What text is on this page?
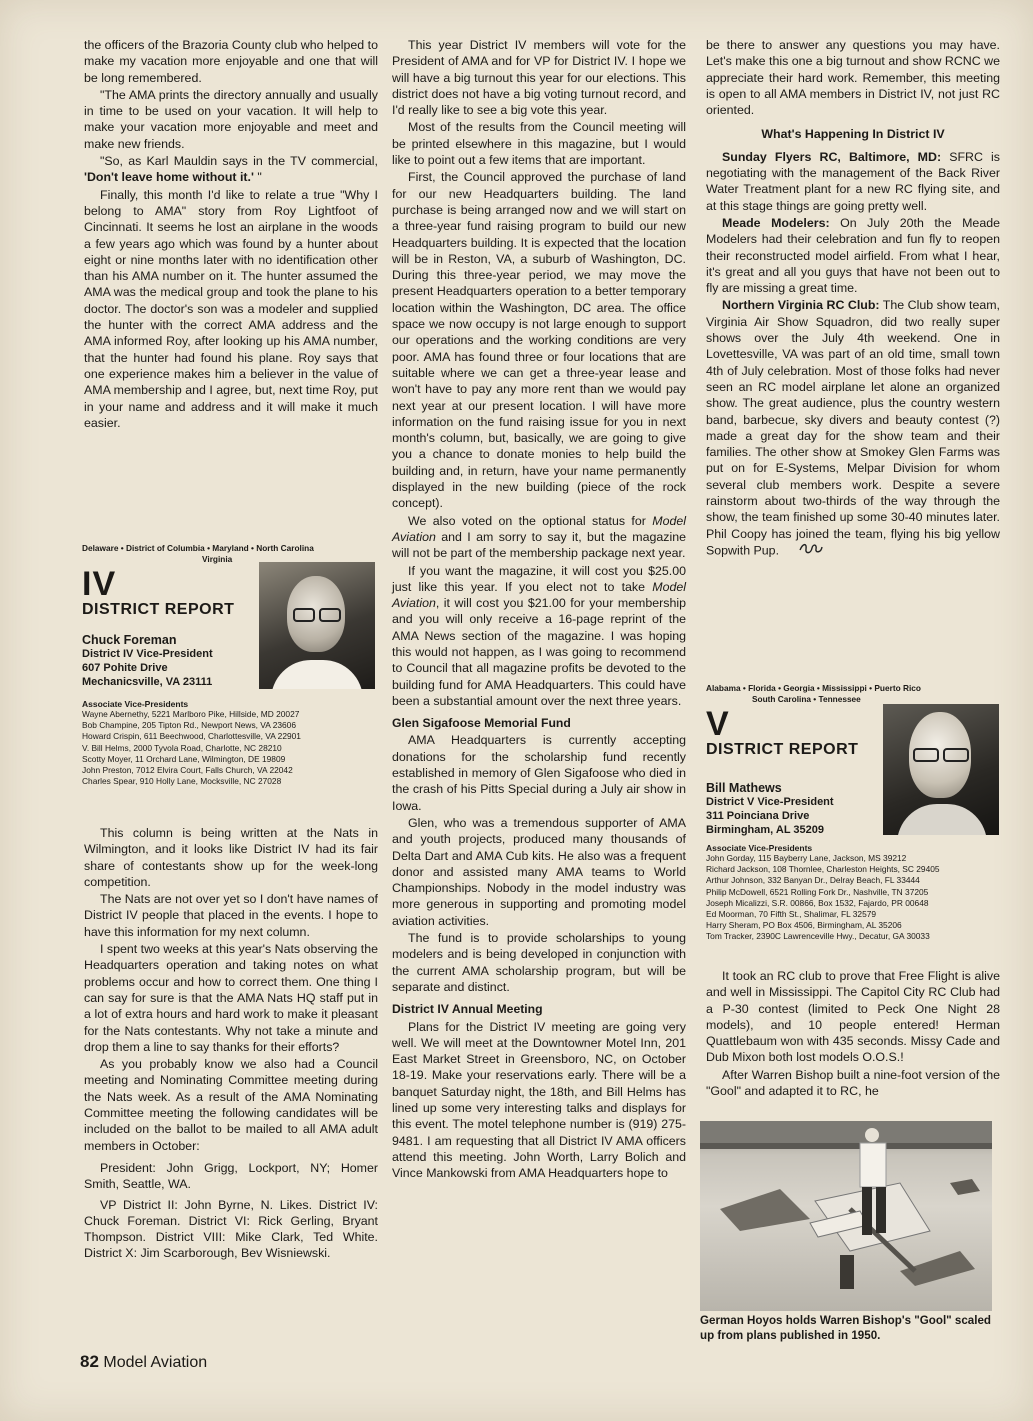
the officers of the Brazoria County club who helped to make my vacation more enjoyable and one that will be long remembered.

"The AMA prints the directory annually and usually in time to be used on your vacation. It will help to make your vacation more enjoyable and meet and make new friends.

"So, as Karl Mauldin says in the TV commercial, 'Don't leave home without it.' "

Finally, this month I'd like to relate a true "Why I belong to AMA" story from Roy Lightfoot of Cincinnati. It seems he lost an airplane in the woods a few years ago which was found by a hunter about eight or nine months later with no identification other than his AMA number on it. The hunter assumed the AMA was the medical group and took the plane to his doctor. The doctor's son was a modeler and supplied the hunter with the correct AMA address and the AMA informed Roy, after looking up his AMA number, that the hunter had found his plane. Roy says that one experience makes him a believer in the value of AMA membership and I agree, but, next time Roy, put in your name and address and it will make it much easier.

This column is being written at the Nats in Wilmington, and it looks like District IV had its fair share of contestants show up for the week-long competition.

The Nats are not over yet so I don't have names of District IV people that placed in the events. I hope to have this information for my next column.

I spent two weeks at this year's Nats observing the Headquarters operation and taking notes on what problems occur and how to correct them. One thing I can say for sure is that the AMA Nats HQ staff put in a lot of extra hours and hard work to make it pleasant for the Nats contestants. Why not take a minute and drop them a line to say thanks for their efforts?

As you probably know we also had a Council meeting and Nominating Committee meeting during the Nats week. As a result of the AMA Nominating Committee meeting the following candidates will be included on the ballot to be mailed to all AMA adult members in October:

President: John Grigg, Lockport, NY; Homer Smith, Seattle, WA.

VP District II: John Byrne, N. Likes. District IV: Chuck Foreman. District VI: Rick Gerling, Bryant Thompson. District VIII: Mike Clark, Ted White. District X: Jim Scarborough, Bev Wisniewski.

Delaware • District of Columbia • Maryland • North Carolina
Virginia
IV
DISTRICT REPORT
Chuck Foreman
District IV Vice-President
607 Pohite Drive
Mechanicsville, VA 23111
Associate Vice-Presidents
Wayne Abernethy, 5221 Marlboro Pike, Hillside, MD 20027
Bob Champine, 205 Tipton Rd., Newport News, VA 23606
Howard Crispin, 611 Beechwood, Charlottesville, VA 22901
V. Bill Helms, 2000 Tyvola Road, Charlotte, NC 28210
Scotty Moyer, 11 Orchard Lane, Wilmington, DE 19809
John Preston, 7012 Elvira Court, Falls Church, VA 22042
Charles Spear, 910 Holly Lane, Mocksville, NC 27028

This year District IV members will vote for the President of AMA and for VP for District IV. I hope we will have a big turnout this year for our elections. This district does not have a big voting turnout record, and I'd really like to see a big vote this year.

Most of the results from the Council meeting will be printed elsewhere in this magazine, but I would like to point out a few items that are important.

First, the Council approved the purchase of land for our new Headquarters building. The land purchase is being arranged now and we will start on a three-year fund raising program to build our new Headquarters building. It is expected that the location will be in Reston, VA, a suburb of Washington, DC. During this three-year period, we may move the present Headquarters operation to a better temporary location within the Washington, DC area. The office space we now occupy is not large enough to support our operations and the working conditions are very poor. AMA has found three or four locations that are suitable where we can get a three-year lease and won't have to pay any more rent than we would pay next year at our present location. I will have more information on the fund raising issue for you in next month's column, but, basically, we are going to give you a chance to donate monies to help build the building and, in return, have your name permanently displayed in the new building (piece of the rock concept).

We also voted on the optional status for Model Aviation and I am sorry to say it, but the magazine will not be part of the membership package next year.

If you want the magazine, it will cost you $25.00 just like this year. If you elect not to take Model Aviation, it will cost you $21.00 for your membership and you will only receive a 16-page reprint of the AMA News section of the magazine. I was hoping this would not happen, as I was going to recommend to Council that all magazine profits be devoted to the building fund for AMA Headquarters. This could have been a substantial amount over the next three years.

Glen Sigafoose Memorial Fund

AMA Headquarters is currently accepting donations for the scholarship fund recently established in memory of Glen Sigafoose who died in the crash of his Pitts Special during a July air show in Iowa.

Glen, who was a tremendous supporter of AMA and youth projects, produced many thousands of Delta Dart and AMA Cub kits. He also was a frequent donor and assisted many AMA teams to World Championships. Nobody in the model industry was more generous in supporting and promoting model aviation activities.

The fund is to provide scholarships to young modelers and is being developed in conjunction with the current AMA scholarship program, but will be separate and distinct.

District IV Annual Meeting

Plans for the District IV meeting are going very well. We will meet at the Downtowner Motel Inn, 201 East Market Street in Greensboro, NC, on October 18-19. Make your reservations early. There will be a banquet Saturday night, the 18th, and Bill Helms has lined up some very interesting talks and displays for this event. The motel telephone number is (919) 275-9481. I am requesting that all District IV AMA officers attend this meeting. John Worth, Larry Bolich and Vince Mankowski from AMA Headquarters hope to

be there to answer any questions you may have. Let's make this one a big turnout and show RCNC we appreciate their hard work. Remember, this meeting is open to all AMA members in District IV, not just RC oriented.

What's Happening In District IV

Sunday Flyers RC, Baltimore, MD: SFRC is negotiating with the management of the Back River Water Treatment plant for a new RC flying site, and at this stage things are going pretty well.

Meade Modelers: On July 20th the Meade Modelers had their celebration and fun fly to reopen their reconstructed model airfield. From what I hear, it's great and all you guys that have not been out to fly are missing a great time.

Northern Virginia RC Club: The Club show team, Virginia Air Show Squadron, did two really super shows over the July 4th weekend. One in Lovettesville, VA was part of an old time, small town 4th of July celebration. Most of those folks had never seen an RC model airplane let alone an organized show. The great audience, plus the country western band, barbecue, sky divers and beauty contest (?) made a great day for the show team and their families. The other show at Smokey Glen Farms was put on for E-Systems, Melpar Division for whom several club members work. Despite a severe rainstorm about two-thirds of the way through the show, the team finished up some 30-40 minutes later. Phil Coopy has joined the team, flying his big yellow Sopwith Pup.

It took an RC club to prove that Free Flight is alive and well in Mississippi. The Capitol City RC Club had a P-30 contest (limited to Peck One Night 28 models), and 10 people entered! Herman Quattlebaum won with 435 seconds. Missy Cade and Dub Mixon both lost models O.O.S.!

After Warren Bishop built a nine-foot version of the "Gool" and adapted it to RC, he

Alabama • Florida • Georgia • Mississippi • Puerto Rico
South Carolina • Tennessee
V
DISTRICT REPORT
Bill Mathews
District V Vice-President
311 Poinciana Drive
Birmingham, AL 35209
Associate Vice-Presidents
John Gorday, 115 Bayberry Lane, Jackson, MS 39212
Richard Jackson, 108 Thornlee, Charleston Heights, SC 29405
Arthur Johnson, 332 Banyan Dr., Delray Beach, FL 33444
Philip McDowell, 6521 Rolling Fork Dr., Nashville, TN 37205
Joseph Micalizzi, S.R. 00866, Box 1532, Fajardo, PR 00648
Ed Moorman, 70 Fifth St., Shalimar, FL 32579
Harry Sheram, PO Box 4506, Birmingham, AL 35206
Tom Tracker, 2390C Lawrenceville Hwy., Decatur, GA 30033
German Hoyos holds Warren Bishop's "Gool" scaled up from plans published in 1950.
82 Model Aviation
